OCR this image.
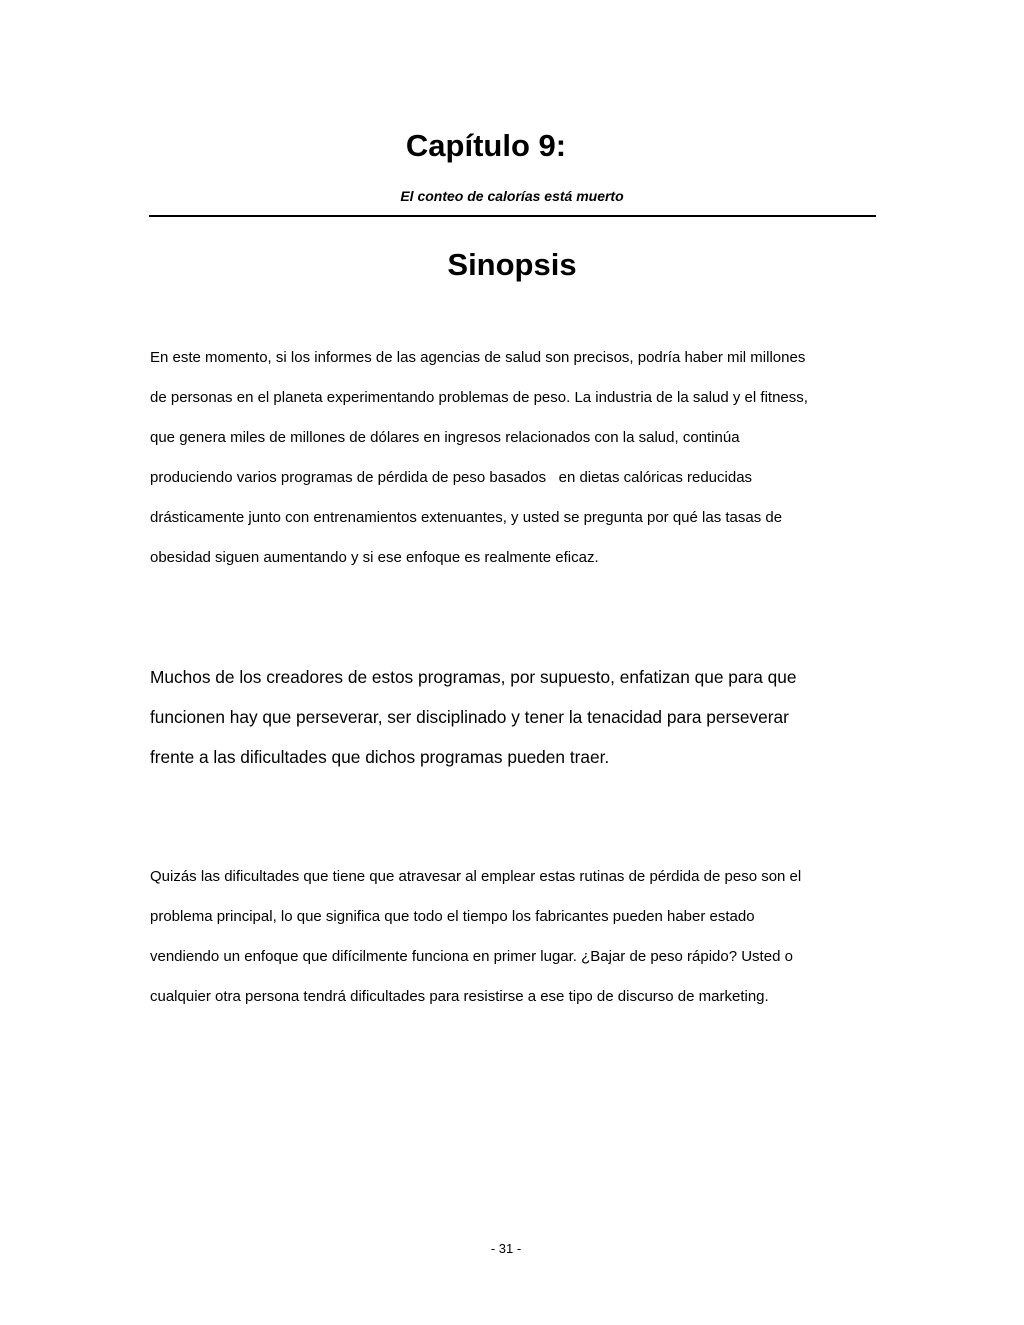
Capítulo 9:
El conteo de calorías está muerto
Sinopsis

En este momento, si los informes de las agencias de salud son precisos, podría haber mil millones
de personas en el planeta experimentando problemas de peso. La industria de la salud y el fitness,
que genera miles de millones de dólares en ingresos relacionados con la salud, continúa
produciendo varios programas de pérdida de peso basados   en dietas calóricas reducidas
drásticamente junto con entrenamientos extenuantes, y usted se pregunta por qué las tasas de
obesidad siguen aumentando y si ese enfoque es realmente eficaz.

Muchos de los creadores de estos programas, por supuesto, enfatizan que para que
funcionen hay que perseverar, ser disciplinado y tener la tenacidad para perseverar
frente a las dificultades que dichos programas pueden traer.

Quizás las dificultades que tiene que atravesar al emplear estas rutinas de pérdida de peso son el
problema principal, lo que significa que todo el tiempo los fabricantes pueden haber estado
vendiendo un enfoque que difícilmente funciona en primer lugar. ¿Bajar de peso rápido? Usted o
cualquier otra persona tendrá dificultades para resistirse a ese tipo de discurso de marketing.

- 31 -
